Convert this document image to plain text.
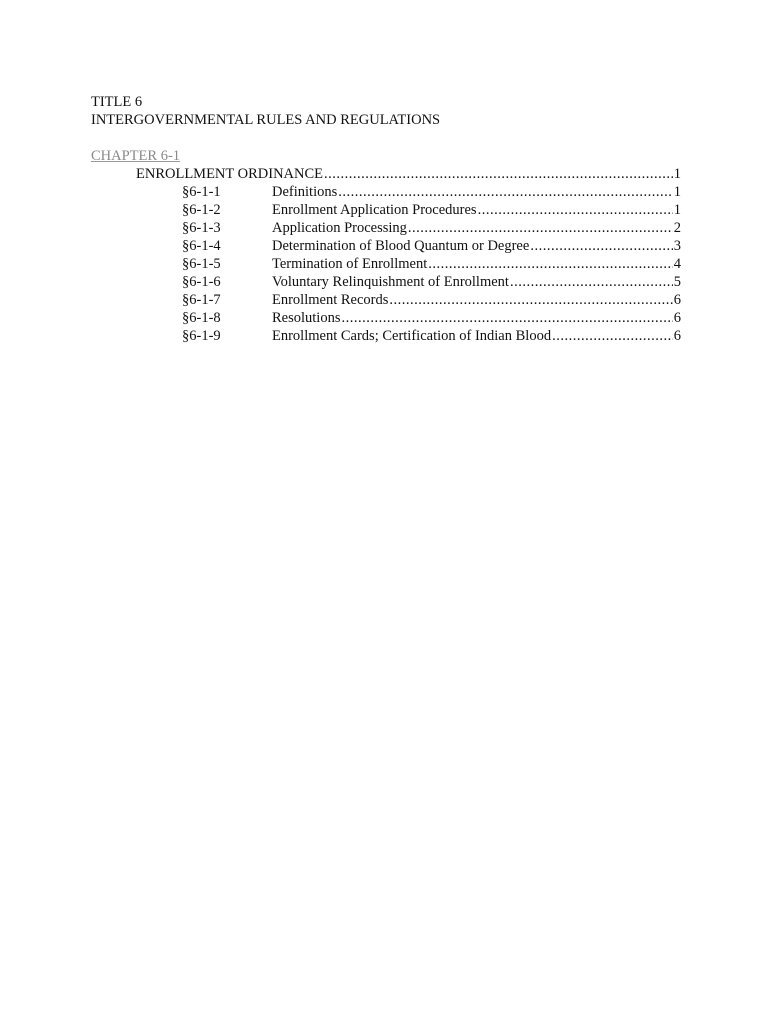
TITLE 6
INTERGOVERNMENTAL RULES AND REGULATIONS
CHAPTER 6-1
ENROLLMENT ORDINANCE .....	1
§6-1-1	Definitions .....	1
§6-1-2	Enrollment Application Procedures .....	1
§6-1-3	Application Processing .....	2
§6-1-4	Determination of Blood Quantum or Degree .....	3
§6-1-5	Termination of Enrollment .....	4
§6-1-6	Voluntary Relinquishment of Enrollment .....	5
§6-1-7	Enrollment Records .....	6
§6-1-8	Resolutions .....	6
§6-1-9	Enrollment Cards; Certification of Indian Blood .....	6
